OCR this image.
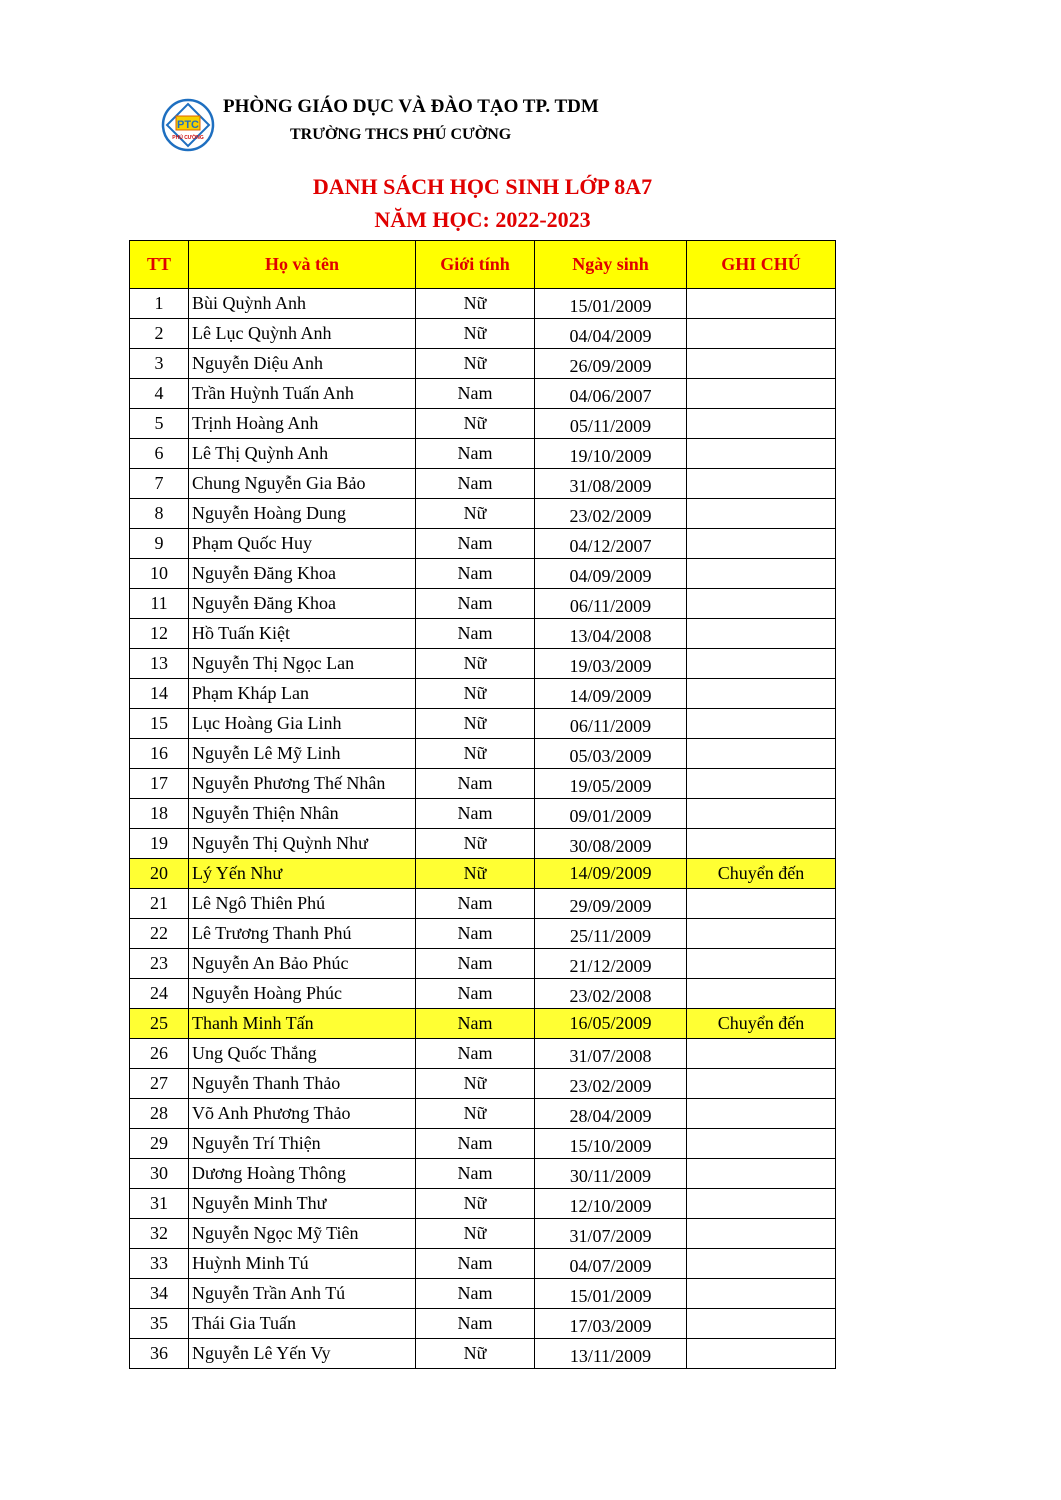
PTC
PHÚ CƯỜNG
PHÒNG GIÁO DỤC VÀ ĐÀO TẠO TP. TDM
TRƯỜNG THCS PHÚ CƯỜNG
DANH SÁCH HỌC SINH LỚP 8A7
NĂM HỌC: 2022-2023
TT	Họ và tên	Giới tính	Ngày sinh	GHI CHÚ
1	Bùi Quỳnh Anh	Nữ	15/01/2009	
2	Lê Lục Quỳnh Anh	Nữ	04/04/2009	
3	Nguyễn Diệu Anh	Nữ	26/09/2009	
4	Trần Huỳnh Tuấn Anh	Nam	04/06/2007	
5	Trịnh Hoàng Anh	Nữ	05/11/2009	
6	Lê Thị Quỳnh Anh	Nam	19/10/2009	
7	Chung Nguyễn Gia Bảo	Nam	31/08/2009	
8	Nguyễn Hoàng Dung	Nữ	23/02/2009	
9	Phạm Quốc Huy	Nam	04/12/2007	
10	Nguyễn Đăng Khoa	Nam	04/09/2009	
11	Nguyễn Đăng Khoa	Nam	06/11/2009	
12	Hồ Tuấn Kiệt	Nam	13/04/2008	
13	Nguyễn Thị Ngọc Lan	Nữ	19/03/2009	
14	Phạm Kháp Lan	Nữ	14/09/2009	
15	Lục Hoàng Gia Linh	Nữ	06/11/2009	
16	Nguyễn Lê Mỹ Linh	Nữ	05/03/2009	
17	Nguyễn Phương Thế Nhân	Nam	19/05/2009	
18	Nguyễn Thiện Nhân	Nam	09/01/2009	
19	Nguyễn Thị Quỳnh Như	Nữ	30/08/2009	
20	Lý Yến Như	Nữ	14/09/2009	Chuyển đến
21	Lê Ngô Thiên Phú	Nam	29/09/2009	
22	Lê Trương Thanh Phú	Nam	25/11/2009	
23	Nguyễn An Bảo Phúc	Nam	21/12/2009	
24	Nguyễn Hoàng Phúc	Nam	23/02/2008	
25	Thanh Minh Tấn	Nam	16/05/2009	Chuyển đến
26	Ung Quốc Thắng	Nam	31/07/2008	
27	Nguyễn Thanh Thảo	Nữ	23/02/2009	
28	Võ Anh Phương Thảo	Nữ	28/04/2009	
29	Nguyễn Trí Thiện	Nam	15/10/2009	
30	Dương Hoàng Thông	Nam	30/11/2009	
31	Nguyễn Minh Thư	Nữ	12/10/2009	
32	Nguyễn Ngọc Mỹ Tiên	Nữ	31/07/2009	
33	Huỳnh Minh Tú	Nam	04/07/2009	
34	Nguyễn Trần Anh Tú	Nam	15/01/2009	
35	Thái Gia Tuấn	Nam	17/03/2009	
36	Nguyễn Lê Yến Vy	Nữ	13/11/2009	
